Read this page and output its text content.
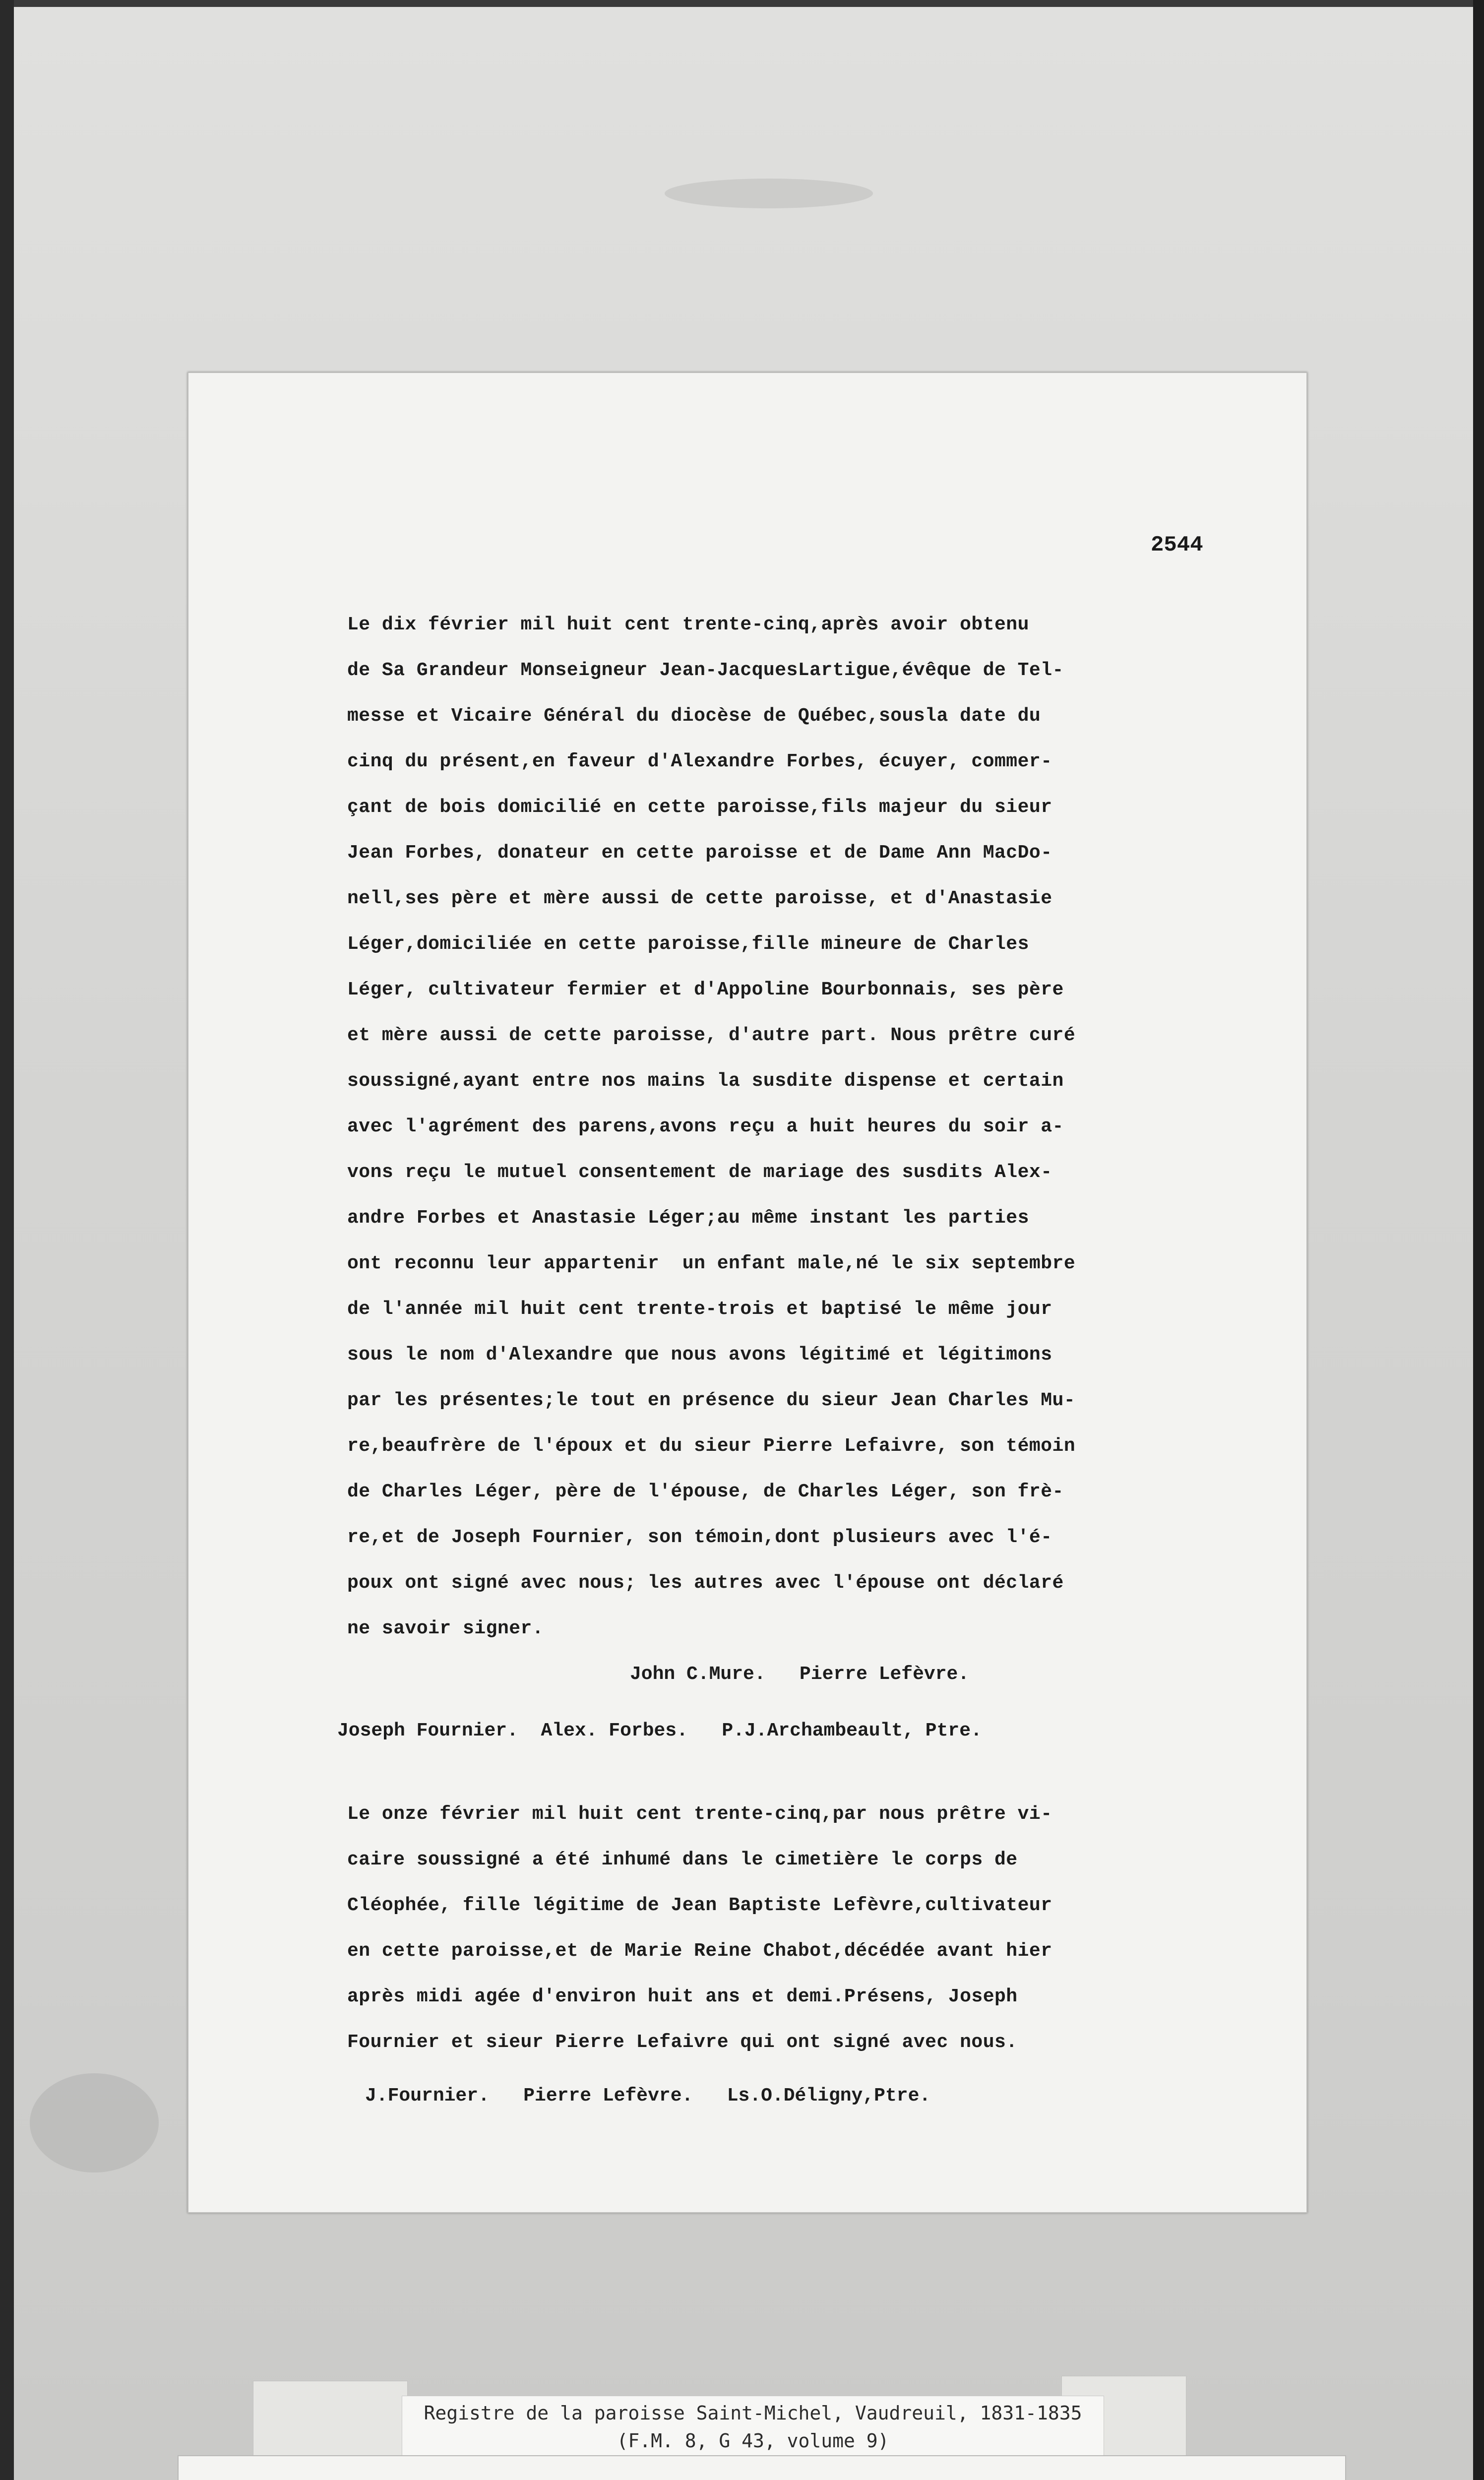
2544
Le dix février mil huit cent trente-cinq,après avoir obtenu
de Sa Grandeur Monseigneur Jean-JacquesLartigue,évêque de Tel-
messe et Vicaire Général du diocèse de Québec,sousla date du
cinq du présent,en faveur d'Alexandre Forbes, écuyer, commer-
çant de bois domicilié en cette paroisse,fils majeur du sieur
Jean Forbes, donateur en cette paroisse et de Dame Ann MacDo-
nell,ses père et mère aussi de cette paroisse, et d'Anastasie
Léger,domiciliée en cette paroisse,fille mineure de Charles
Léger, cultivateur fermier et d'Appoline Bourbonnais, ses père
et mère aussi de cette paroisse, d'autre part. Nous prêtre curé
soussigné,ayant entre nos mains la susdite dispense et certain
avec l'agrément des parens,avons reçu a huit heures du soir a-
vons reçu le mutuel consentement de mariage des susdits Alex-
andre Forbes et Anastasie Léger;au même instant les parties
ont reconnu leur appartenir  un enfant male,né le six septembre
de l'année mil huit cent trente-trois et baptisé le même jour
sous le nom d'Alexandre que nous avons légitimé et légitimons
par les présentes;le tout en présence du sieur Jean Charles Mu-
re,beaufrère de l'époux et du sieur Pierre Lefaivre, son témoin
de Charles Léger, père de l'épouse, de Charles Léger, son frè-
re,et de Joseph Fournier, son témoin,dont plusieurs avec l'é-
poux ont signé avec nous; les autres avec l'épouse ont déclaré
ne savoir signer.
John C.Mure.   Pierre Lefèvre.
Joseph Fournier.  Alex. Forbes.   P.J.Archambeault, Ptre.
Le onze février mil huit cent trente-cinq,par nous prêtre vi-
caire soussigné a été inhumé dans le cimetière le corps de
Cléophée, fille légitime de Jean Baptiste Lefèvre,cultivateur
en cette paroisse,et de Marie Reine Chabot,décédée avant hier
après midi agée d'environ huit ans et demi.Présens, Joseph
Fournier et sieur Pierre Lefaivre qui ont signé avec nous.
J.Fournier.   Pierre Lefèvre.   Ls.O.Déligny,Ptre.
Registre de la paroisse Saint-Michel, Vaudreuil, 1831-1835
(F.M. 8, G 43, volume 9)
